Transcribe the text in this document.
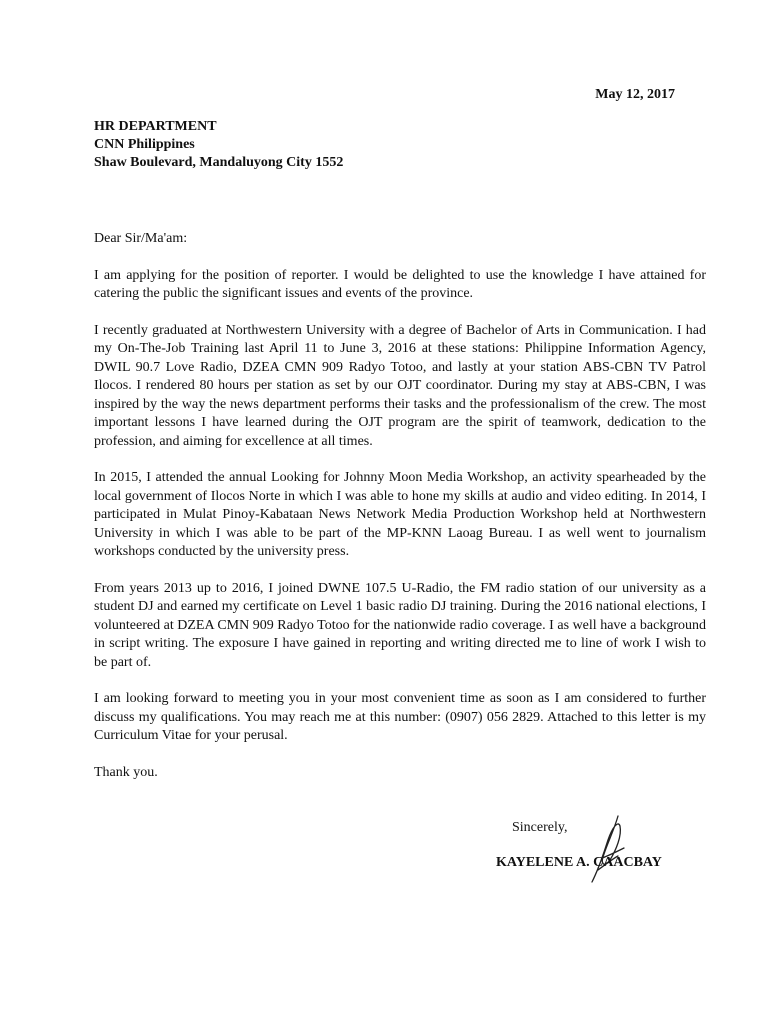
May 12, 2017
HR DEPARTMENT
CNN Philippines
Shaw Boulevard, Mandaluyong City 1552

Dear Sir/Ma'am:

I am applying for the position of reporter. I would be delighted to use the knowledge I have attained for catering the public the significant issues and events of the province.

I recently graduated at Northwestern University with a degree of Bachelor of Arts in Communication. I had my On-The-Job Training last April 11 to June 3, 2016 at these stations: Philippine Information Agency, DWIL 90.7 Love Radio, DZEA CMN 909 Radyo Totoo, and lastly at your station ABS-CBN TV Patrol Ilocos. I rendered 80 hours per station as set by our OJT coordinator. During my stay at ABS-CBN, I was inspired by the way the news department performs their tasks and the professionalism of the crew. The most important lessons I have learned during the OJT program are the spirit of teamwork, dedication to the profession, and aiming for excellence at all times.

In 2015, I attended the annual Looking for Johnny Moon Media Workshop, an activity spearheaded by the local government of Ilocos Norte in which I was able to hone my skills at audio and video editing. In 2014, I participated in Mulat Pinoy-Kabataan News Network Media Production Workshop held at Northwestern University in which I was able to be part of the MP-KNN Laoag Bureau. I as well went to journalism workshops conducted by the university press.

From years 2013 up to 2016, I joined DWNE 107.5 U-Radio, the FM radio station of our university as a student DJ and earned my certificate on Level 1 basic radio DJ training. During the 2016 national elections, I volunteered at DZEA CMN 909 Radyo Totoo for the nationwide radio coverage. I as well have a background in script writing. The exposure I have gained in reporting and writing directed me to line of work I wish to be part of.

I am looking forward to meeting you in your most convenient time as soon as I am considered to further discuss my qualifications. You may reach me at this number: (0907) 056 2829. Attached to this letter is my Curriculum Vitae for your perusal.

Thank you.

Sincerely,
KAYELENE A. CAACBAY
